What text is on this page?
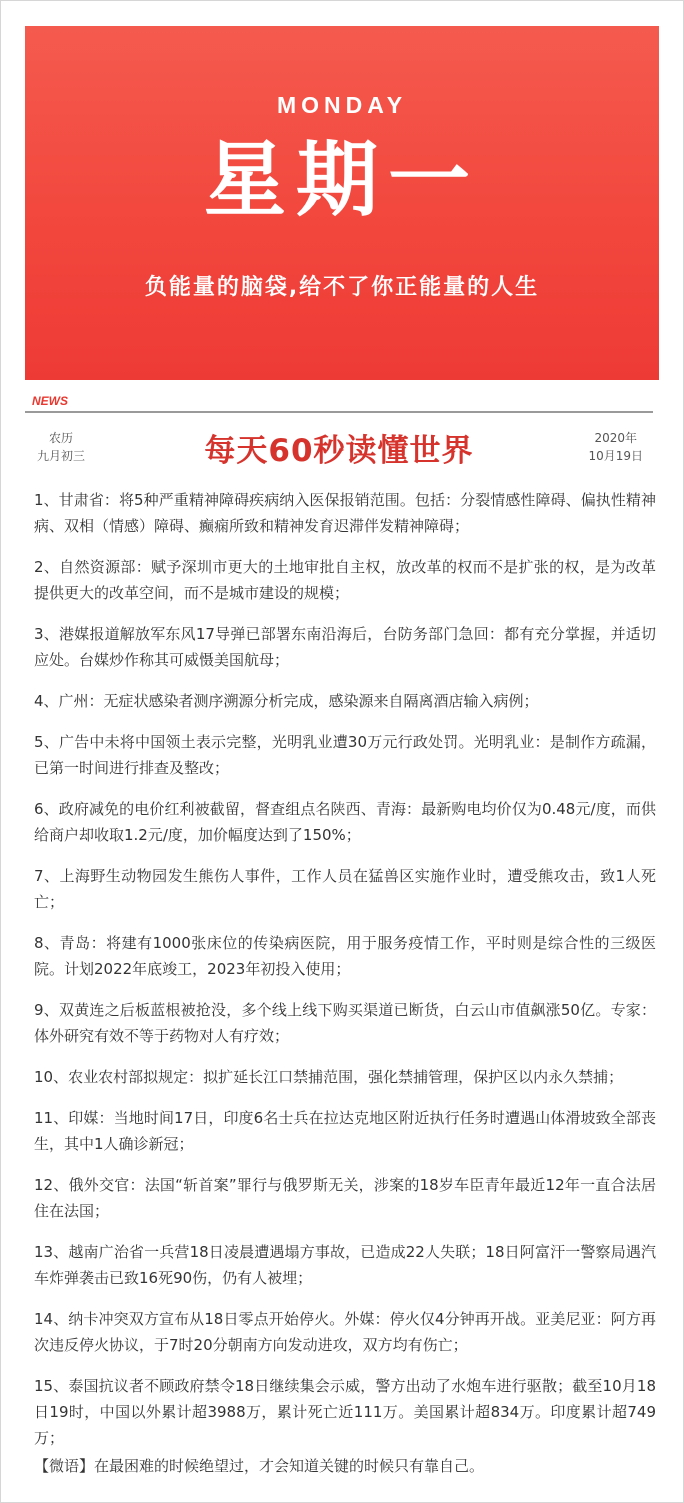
MONDAY
星期一
负能量的脑袋,给不了你正能量的人生
NEWS
农历
九月初三	每天60秒读懂世界	2020年
10月19日
1、甘肃省：将5种严重精神障碍疾病纳入医保报销范围。包括：分裂情感性障碍、偏执性精神病、双相（情感）障碍、癫痫所致和精神发育迟滞伴发精神障碍；
2、自然资源部：赋予深圳市更大的土地审批自主权，放改革的权而不是扩张的权，是为改革提供更大的改革空间，而不是城市建设的规模；
3、港媒报道解放军东风17导弹已部署东南沿海后，台防务部门急回：都有充分掌握，并适切应处。台媒炒作称其可威慑美国航母；
4、广州：无症状感染者测序溯源分析完成，感染源来自隔离酒店输入病例；
5、广告中未将中国领土表示完整，光明乳业遭30万元行政处罚。光明乳业：是制作方疏漏，已第一时间进行排查及整改；
6、政府减免的电价红利被截留，督查组点名陕西、青海：最新购电均价仅为0.48元/度，而供给商户却收取1.2元/度，加价幅度达到了150%；
7、上海野生动物园发生熊伤人事件，工作人员在猛兽区实施作业时，遭受熊攻击，致1人死亡；
8、青岛：将建有1000张床位的传染病医院，用于服务疫情工作，平时则是综合性的三级医院。计划2022年底竣工，2023年初投入使用；
9、双黄连之后板蓝根被抢没，多个线上线下购买渠道已断货，白云山市值飙涨50亿。专家：体外研究有效不等于药物对人有疗效；
10、农业农村部拟规定：拟扩延长江口禁捕范围，强化禁捕管理，保护区以内永久禁捕；
11、印媒：当地时间17日，印度6名士兵在拉达克地区附近执行任务时遭遇山体滑坡致全部丧生，其中1人确诊新冠；
12、俄外交官：法国“斩首案”罪行与俄罗斯无关，涉案的18岁车臣青年最近12年一直合法居住在法国；
13、越南广治省一兵营18日凌晨遭遇塌方事故，已造成22人失联；18日阿富汗一警察局遇汽车炸弹袭击已致16死90伤，仍有人被埋；
14、纳卡冲突双方宣布从18日零点开始停火。外媒：停火仅4分钟再开战。亚美尼亚：阿方再次违反停火协议，于7时20分朝南方向发动进攻，双方均有伤亡；
15、泰国抗议者不顾政府禁令18日继续集会示威，警方出动了水炮车进行驱散；截至10月18日19时，中国以外累计超3988万，累计死亡近111万。美国累计超834万。印度累计超749万；
【微语】在最困难的时候绝望过，才会知道关键的时候只有靠自己。
